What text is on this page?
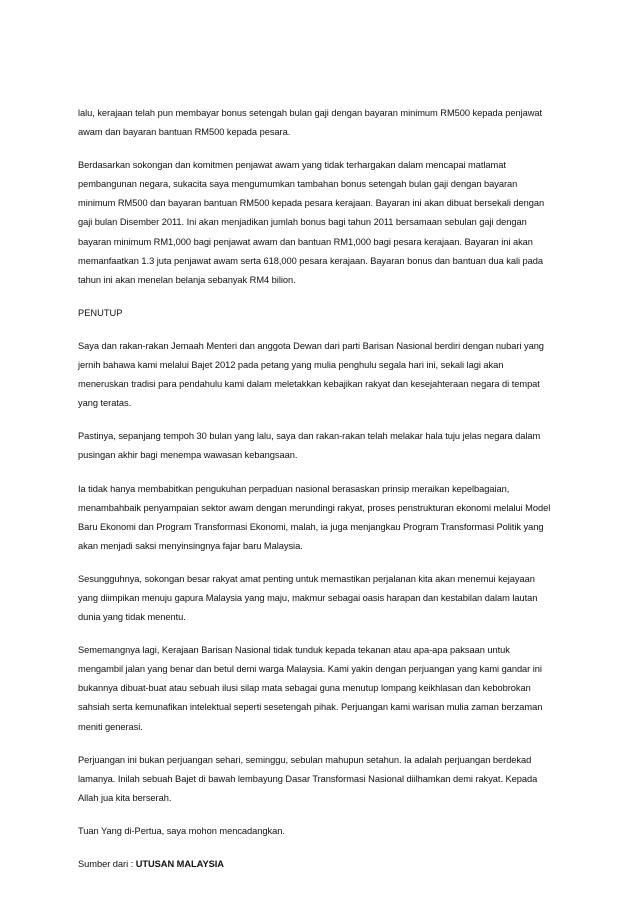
lalu, kerajaan telah pun membayar bonus setengah bulan gaji dengan bayaran minimum RM500 kepada penjawat
awam dan bayaran bantuan RM500 kepada pesara.

Berdasarkan sokongan dan komitmen penjawat awam yang tidak terhargakan dalam mencapai matlamat
pembangunan negara, sukacita saya mengumumkan tambahan bonus setengah bulan gaji dengan bayaran
minimum RM500 dan bayaran bantuan RM500 kepada pesara kerajaan. Bayaran ini akan dibuat bersekali dengan
gaji bulan Disember 2011. Ini akan menjadikan jumlah bonus bagi tahun 2011 bersamaan sebulan gaji dengan
bayaran minimum RM1,000 bagi penjawat awam dan bantuan RM1,000 bagi pesara kerajaan. Bayaran ini akan
memanfaatkan 1.3 juta penjawat awam serta 618,000 pesara kerajaan. Bayaran bonus dan bantuan dua kali pada
tahun ini akan menelan belanja sebanyak RM4 bilion.

PENUTUP

Saya dan rakan-rakan Jemaah Menteri dan anggota Dewan dari parti Barisan Nasional berdiri dengan nubari yang
jernih bahawa kami melalui Bajet 2012 pada petang yang mulia penghulu segala hari ini, sekali lagi akan
meneruskan tradisi para pendahulu kami dalam meletakkan kebajikan rakyat dan kesejahteraan negara di tempat
yang teratas.

Pastinya, sepanjang tempoh 30 bulan yang lalu, saya dan rakan-rakan telah melakar hala tuju jelas negara dalam
pusingan akhir bagi menempa wawasan kebangsaan.

Ia tidak hanya membabitkan pengukuhan perpaduan nasional berasaskan prinsip meraikan kepelbagaian,
menambahbaik penyampaian sektor awam dengan merundingi rakyat, proses penstrukturan ekonomi melalui Model
Baru Ekonomi dan Program Transformasi Ekonomi, malah, ia juga menjangkau Program Transformasi Politik yang
akan menjadi saksi menyinsingnya fajar baru Malaysia.

Sesungguhnya, sokongan besar rakyat amat penting untuk memastikan perjalanan kita akan menemui kejayaan
yang diimpikan menuju gapura Malaysia yang maju, makmur sebagai oasis harapan dan kestabilan dalam lautan
dunia yang tidak menentu.

Sememangnya lagi, Kerajaan Barisan Nasional tidak tunduk kepada tekanan atau apa-apa paksaan untuk
mengambil jalan yang benar dan betul demi warga Malaysia. Kami yakin dengan perjuangan yang kami gandar ini
bukannya dibuat-buat atau sebuah ilusi silap mata sebagai guna menutup lompang keikhlasan dan kebobrokan
sahsiah serta kemunafikan intelektual seperti sesetengah pihak. Perjuangan kami warisan mulia zaman berzaman
meniti generasi.

Perjuangan ini bukan perjuangan sehari, seminggu, sebulan mahupun setahun. Ia adalah perjuangan berdekad
lamanya. Inilah sebuah Bajet di bawah lembayung Dasar Transformasi Nasional diilhamkan demi rakyat. Kepada
Allah jua kita berserah.

Tuan Yang di-Pertua, saya mohon mencadangkan.

Sumber dari : UTUSAN MALAYSIA
